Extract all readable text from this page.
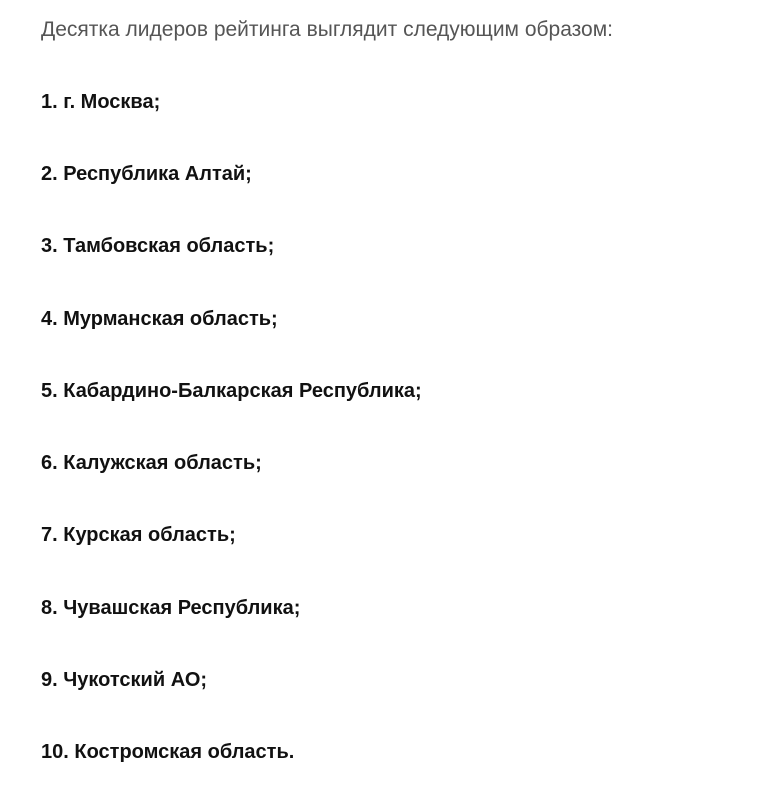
Десятка лидеров рейтинга выглядит следующим образом:

1. г. Москва;
2. Республика Алтай;
3. Тамбовская область;
4. Мурманская область;
5. Кабардино-Балкарская Республика;
6. Калужская область;
7. Курская область;
8. Чувашская Республика;
9. Чукотский АО;
10. Костромская область.
